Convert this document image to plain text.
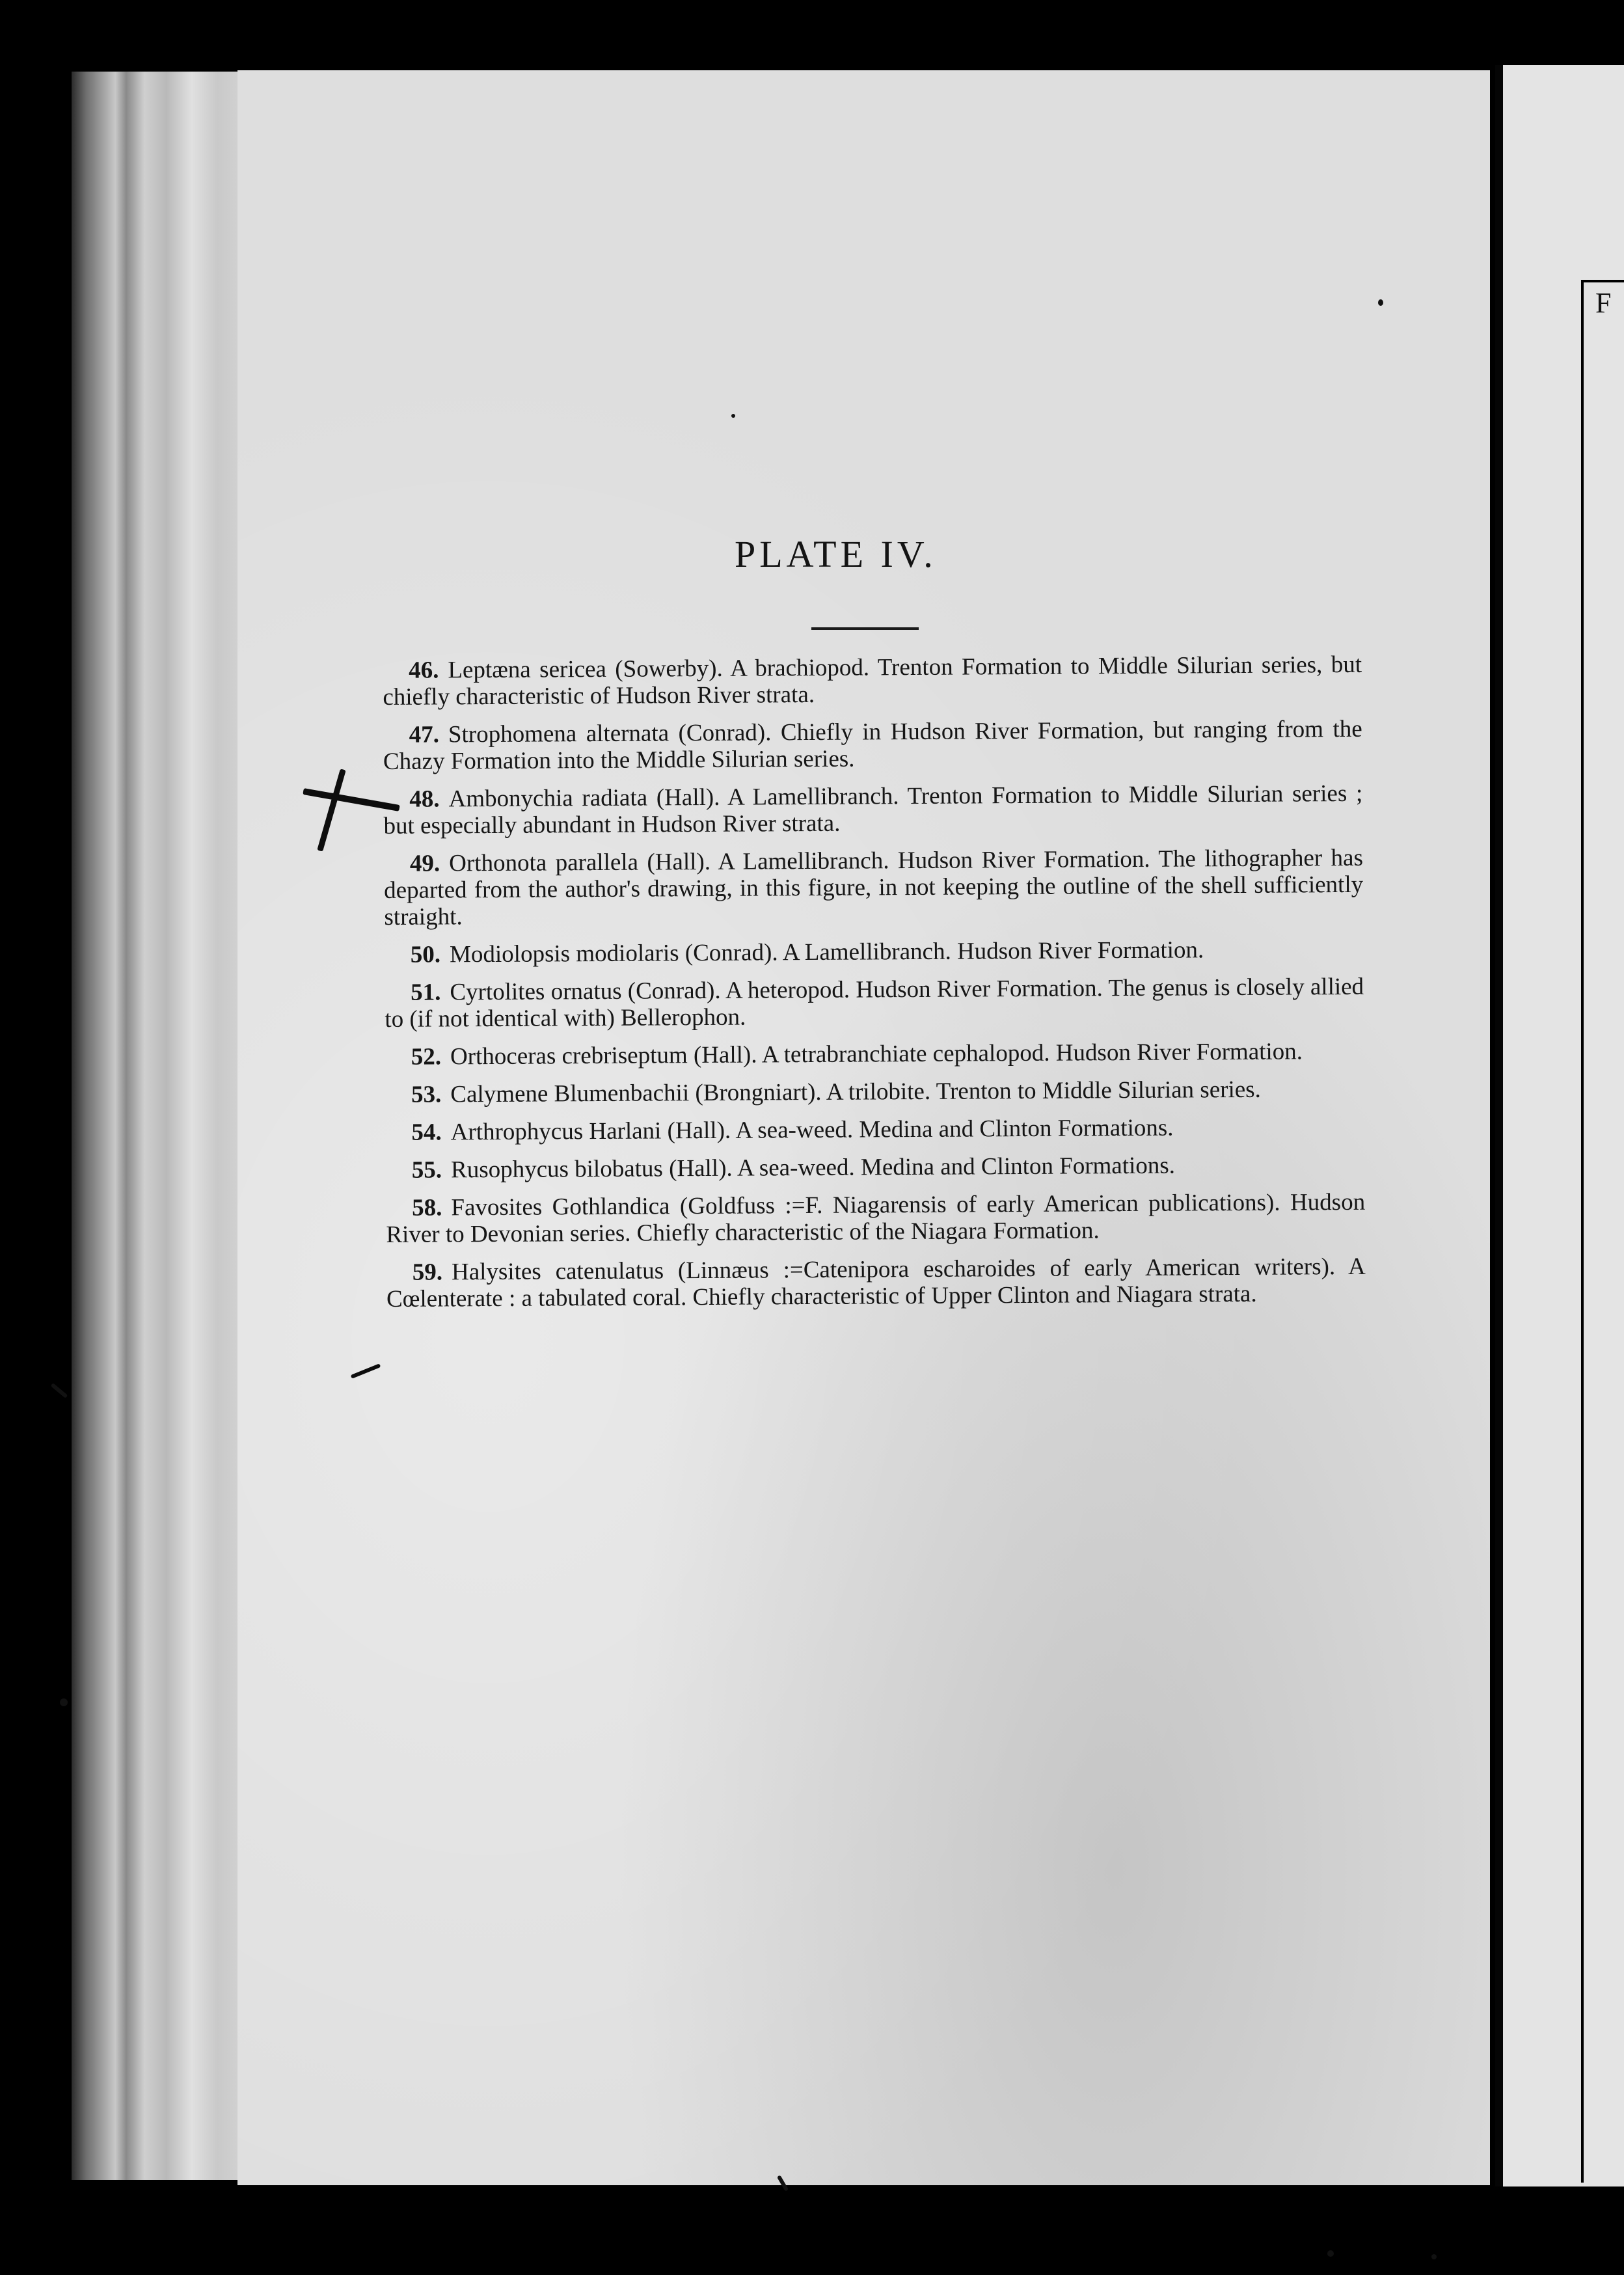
F
PLATE IV.

46. Leptæna sericea (Sowerby). A brachiopod. Trenton Formation to Middle Silurian series, but chiefly characteristic of Hudson River strata.

47. Strophomena alternata (Conrad). Chiefly in Hudson River Formation, but ranging from the Chazy Formation into the Middle Silurian series.

48. Ambonychia radiata (Hall). A Lamellibranch. Trenton Formation to Middle Silurian series ; but especially abundant in Hudson River strata.

49. Orthonota parallela (Hall). A Lamellibranch. Hudson River Formation. The lithographer has departed from the author's drawing, in this figure, in not keeping the outline of the shell sufficiently straight.

50. Modiolopsis modiolaris (Conrad). A Lamellibranch. Hudson River Formation.

51. Cyrtolites ornatus (Conrad). A heteropod. Hudson River Formation. The genus is closely allied to (if not identical with) Bellerophon.

52. Orthoceras crebriseptum (Hall). A tetrabranchiate cephalopod. Hudson River Formation.

53. Calymene Blumenbachii (Brongniart). A trilobite. Trenton to Middle Silurian series.

54. Arthrophycus Harlani (Hall). A sea-weed. Medina and Clinton Formations.

55. Rusophycus bilobatus (Hall). A sea-weed. Medina and Clinton Formations.

58. Favosites Gothlandica (Goldfuss :=F. Niagarensis of early American publications). Hudson River to Devonian series. Chiefly characteristic of the Niagara Formation.

59. Halysites catenulatus (Linnæus :=Catenipora escharoides of early American writers). A Cœlenterate : a tabulated coral. Chiefly characteristic of Upper Clinton and Niagara strata.
